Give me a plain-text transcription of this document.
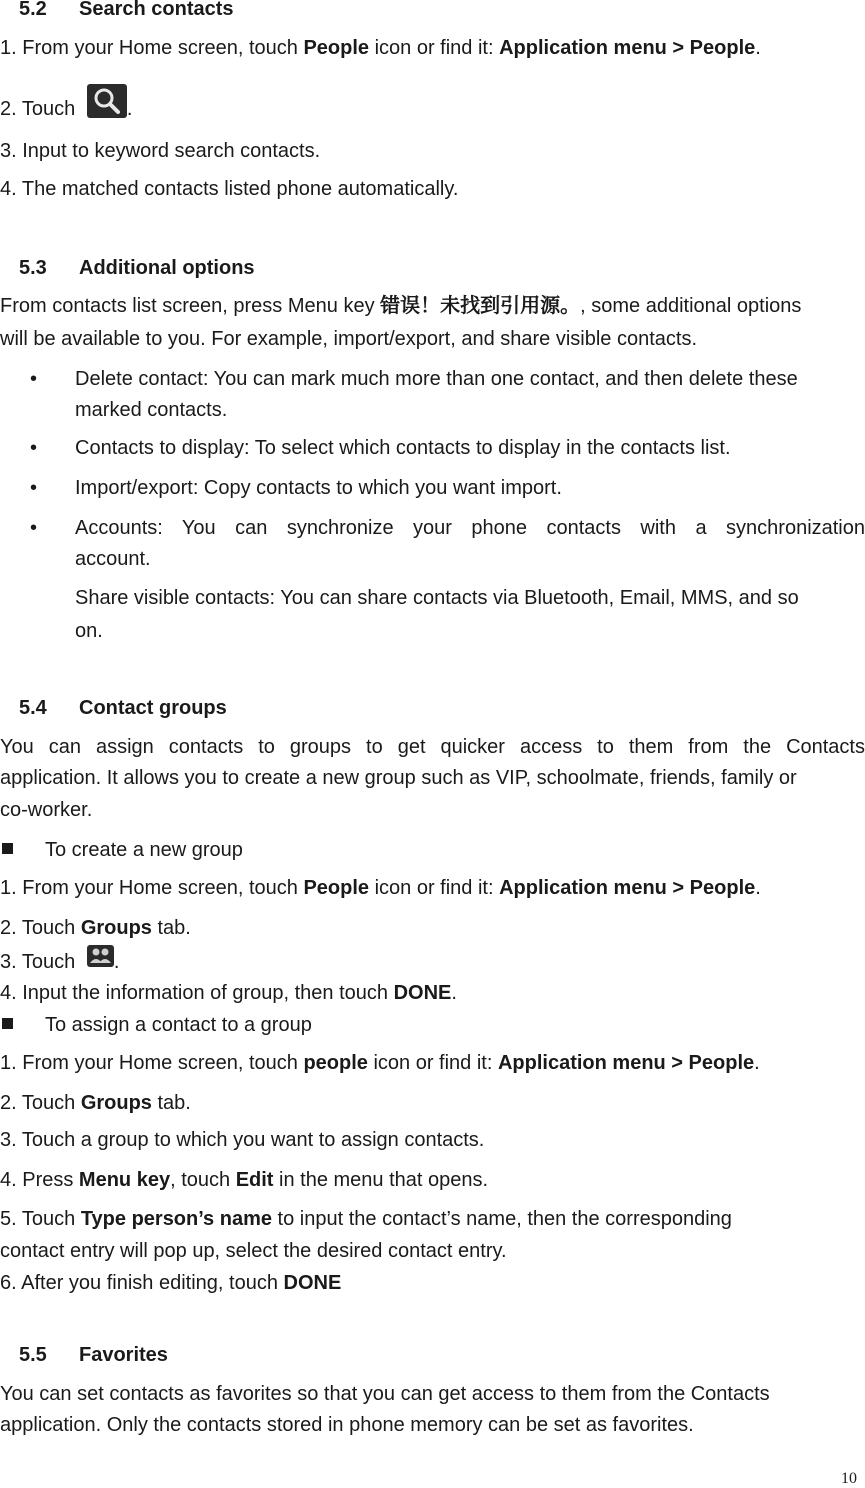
5.2 Search contacts
1. From your Home screen, touch People icon or find it: Application menu > People.
2. Touch	.
3. Input to keyword search contacts.
4. The matched contacts listed phone automatically.
5.3 Additional options
From contacts list screen, press Menu key 错误！未找到引用源。, some additional options
will be available to you. For example, import/export, and share visible contacts.
• Delete contact: You can mark much more than one contact, and then delete these
marked contacts.
• Contacts to display: To select which contacts to display in the contacts list.
• Import/export: Copy contacts to which you want import.
• Accounts: You can synchronize your phone contacts with a synchronization
account.
Share visible contacts: You can share contacts via Bluetooth, Email, MMS, and so
on.
5.4 Contact groups
You can assign contacts to groups to get quicker access to them from the Contacts
application. It allows you to create a new group such as VIP, schoolmate, friends, family or
co-worker.
To create a new group
1. From your Home screen, touch People icon or find it: Application menu > People.
2. Touch Groups tab.
3. Touch .
4. Input the information of group, then touch DONE.
To assign a contact to a group
1. From your Home screen, touch people icon or find it: Application menu > People.
2. Touch Groups tab.
3. Touch a group to which you want to assign contacts.
4. Press Menu key, touch Edit in the menu that opens.
5. Touch Type person’s name to input the contact’s name, then the corresponding
contact entry will pop up, select the desired contact entry.
6. After you finish editing, touch DONE
5.5 Favorites
You can set contacts as favorites so that you can get access to them from the Contacts
application. Only the contacts stored in phone memory can be set as favorites.
10
